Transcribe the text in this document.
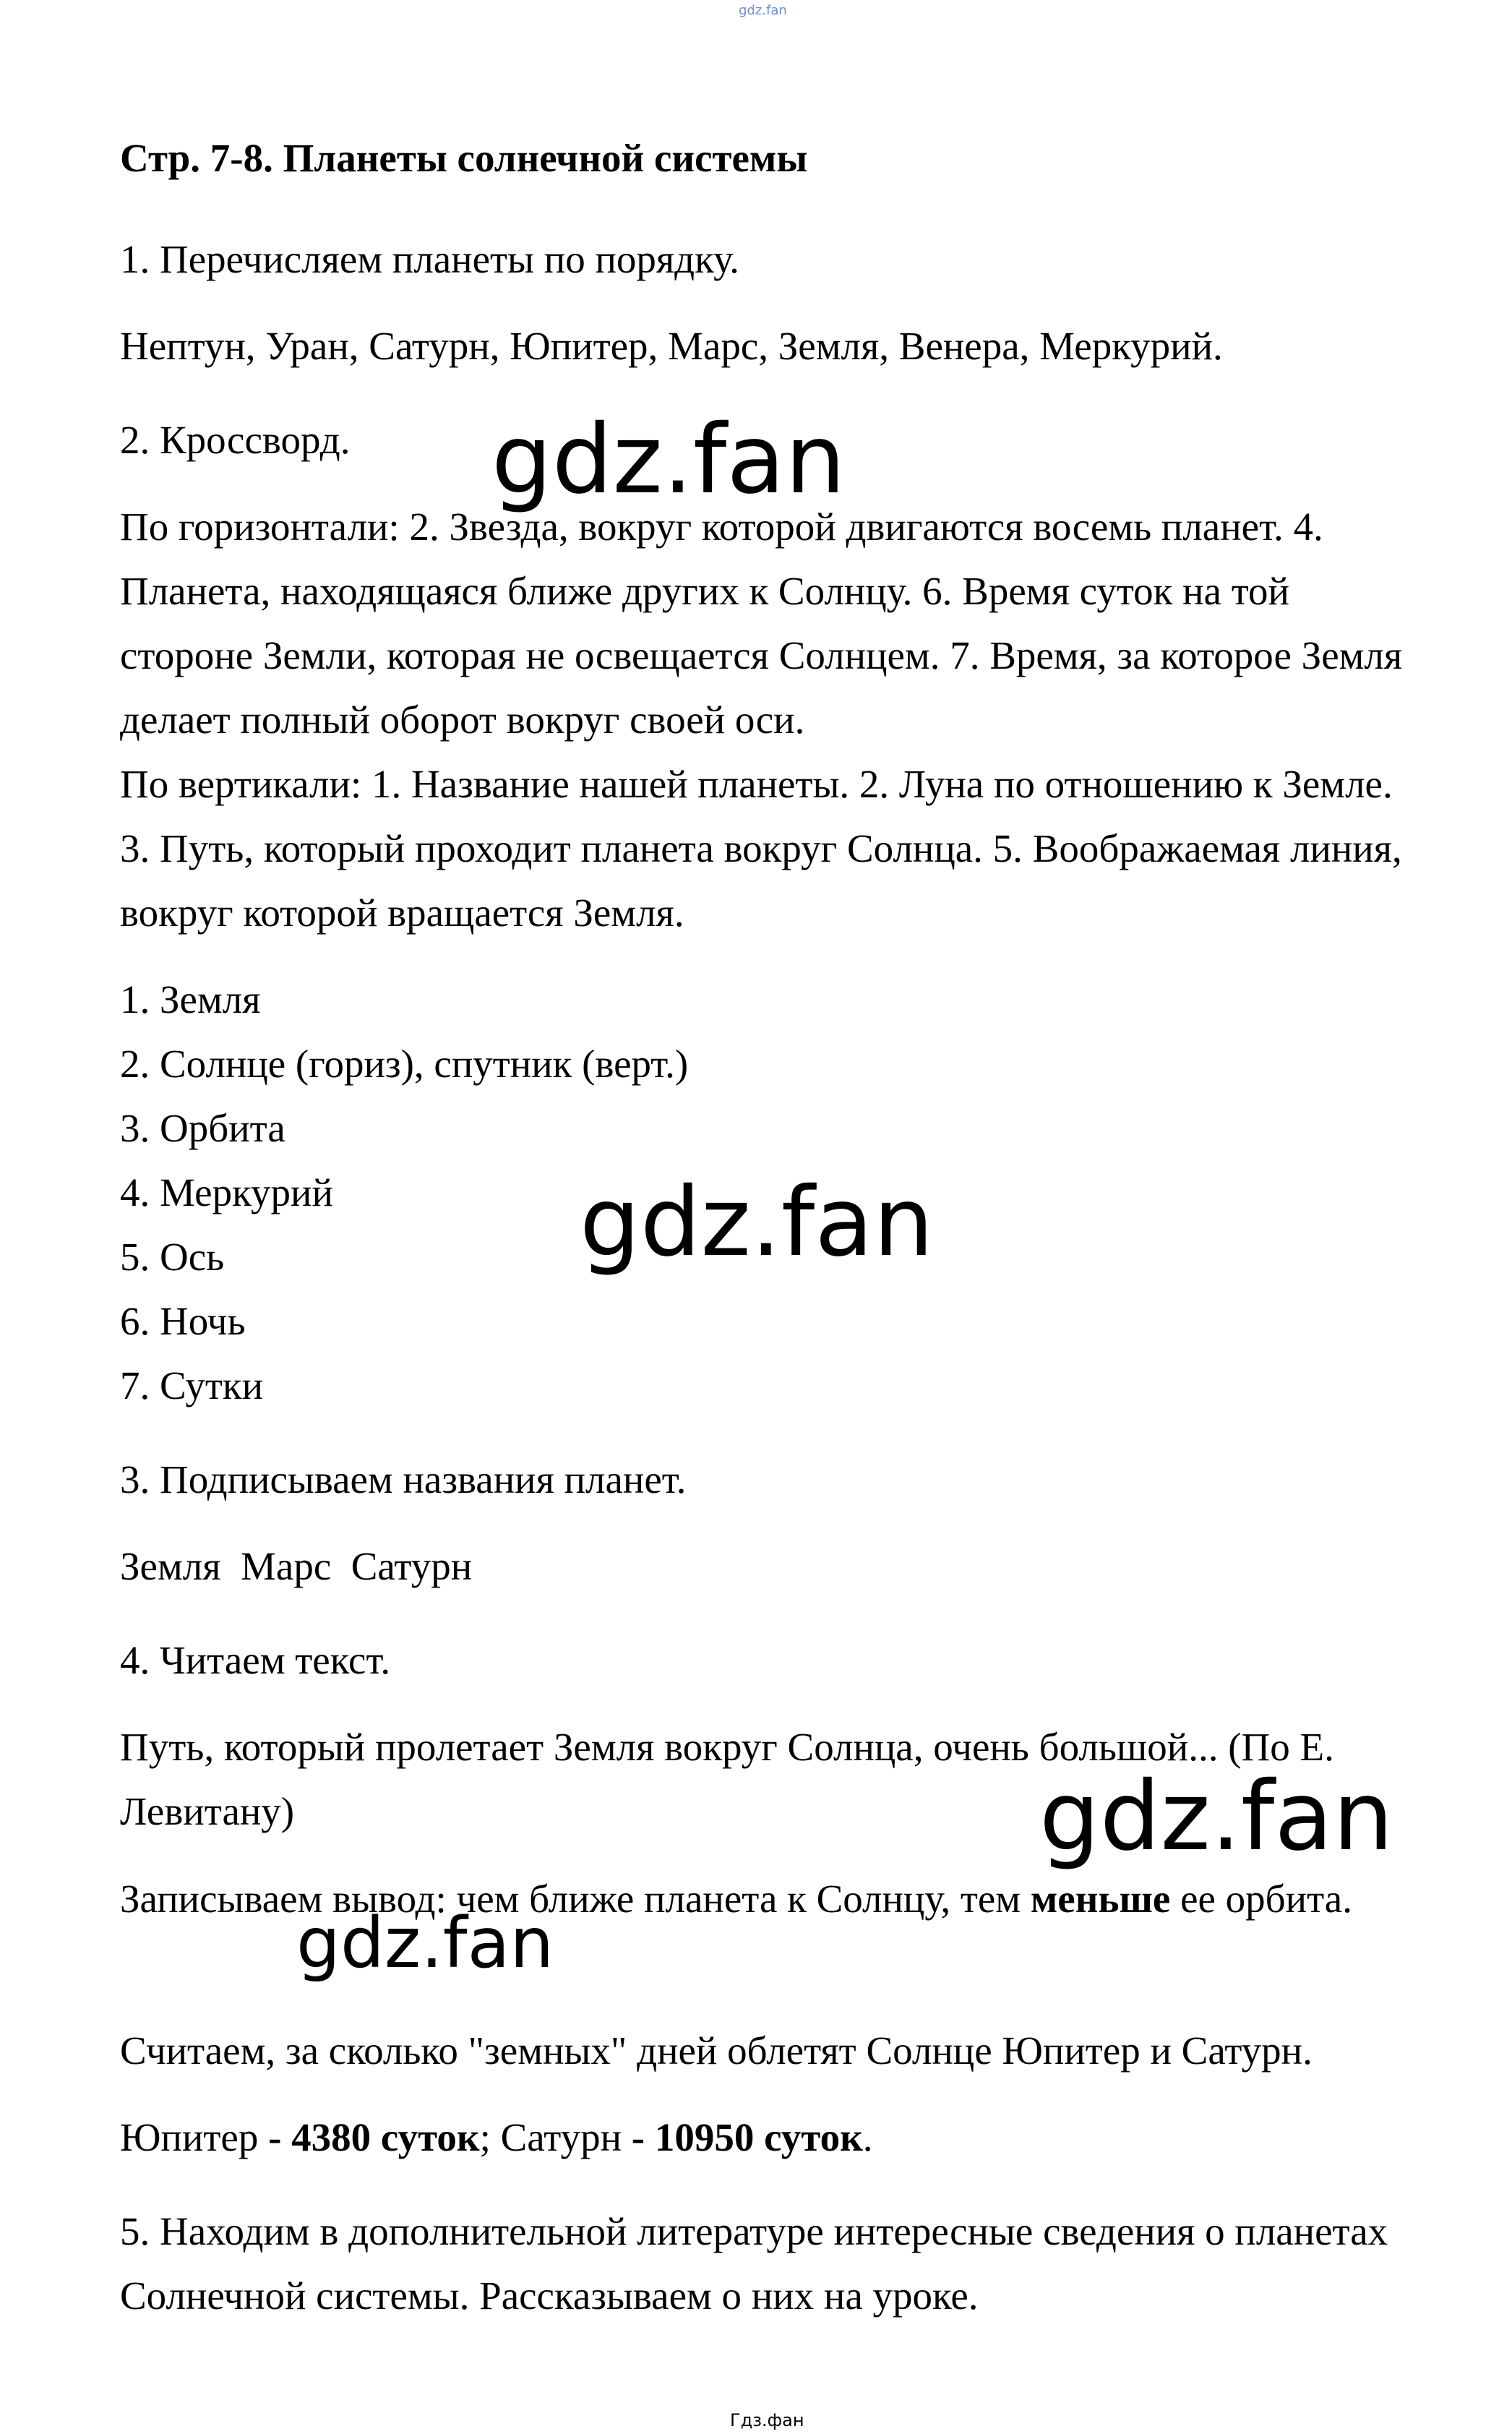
gdz.fan

Стр. 7-8. Планеты солнечной системы

1. Перечисляем планеты по порядку.

Нептун, Уран, Сатурн, Юпитер, Марс, Земля, Венера, Меркурий.

2. Кроссворд.

По горизонтали: 2. Звезда, вокруг которой двигаются восемь планет. 4. Планета, находящаяся ближе других к Солнцу. 6. Время суток на той стороне Земли, которая не освещается Солнцем. 7. Время, за которое Земля делает полный оборот вокруг своей оси.

По вертикали: 1. Название нашей планеты. 2. Луна по отношению к Земле. 3. Путь, который проходит планета вокруг Солнца. 5. Воображаемая линия, вокруг которой вращается Земля.

1. Земля
2. Солнце (гориз), спутник (верт.)
3. Орбита
4. Меркурий
5. Ось
6. Ночь
7. Сутки

3. Подписываем названия планет.

Земля  Марс  Сатурн

4. Читаем текст.

Путь, который пролетает Земля вокруг Солнца, очень большой... (По Е. Левитану)

Записываем вывод: чем ближе планета к Солнцу, тем меньше ее орбита.

Считаем, за сколько "земных" дней облетят Солнце Юпитер и Сатурн.

Юпитер - 4380 суток; Сатурн - 10950 суток.

5. Находим в дополнительной литературе интересные сведения о планетах Солнечной системы. Рассказываем о них на уроке.

gdz.fan
gdz.fan
gdz.fan
gdz.fan
Гдз.фан
